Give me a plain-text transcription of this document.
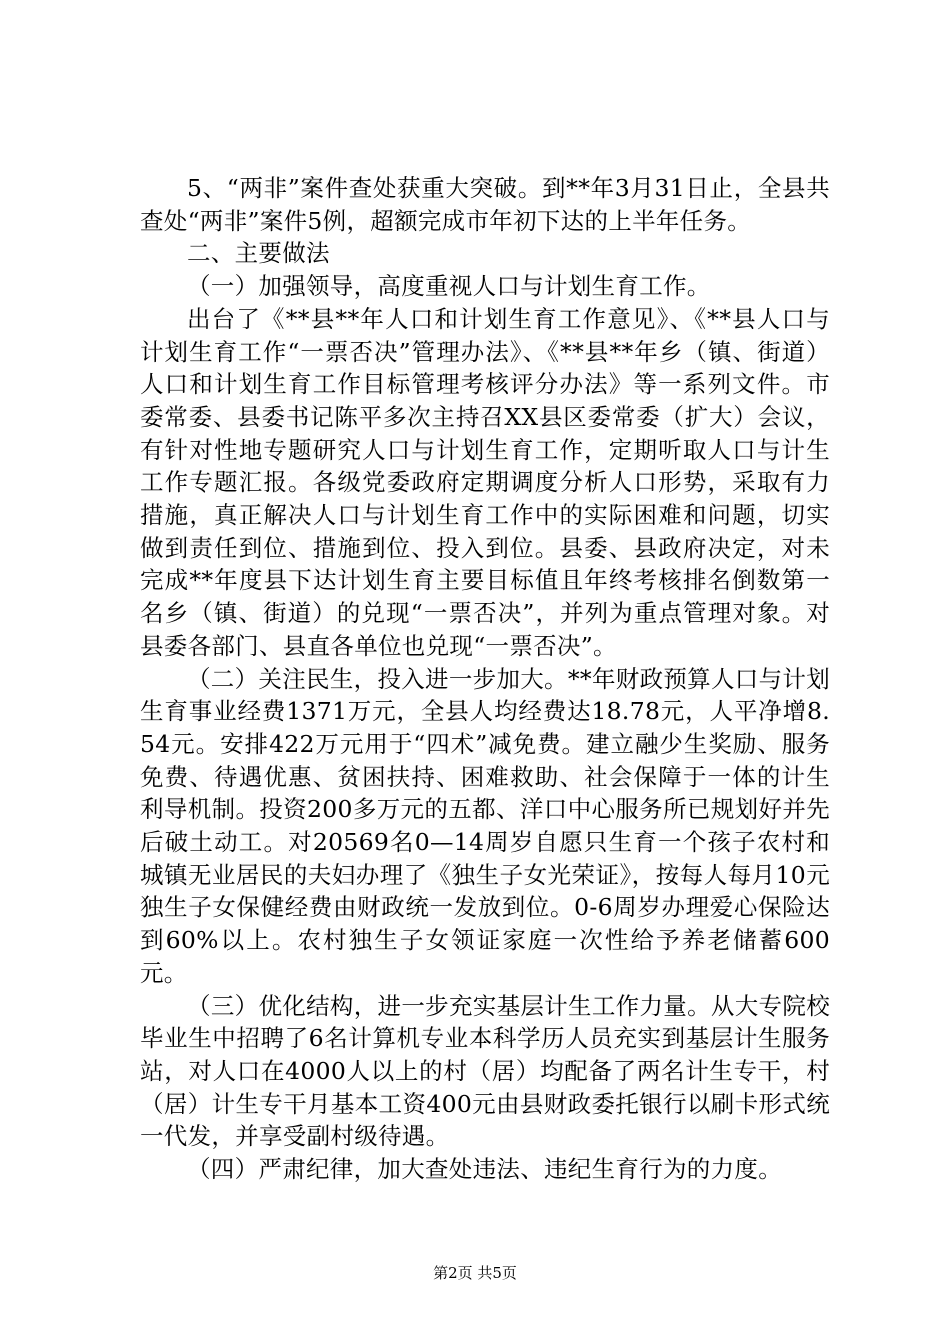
5、“两非”案件查处获重大突破。到**年3月31日止，全县共查处“两非”案件5例，超额完成市年初下达的上半年任务。

二、主要做法

（一）加强领导，高度重视人口与计划生育工作。

出台了《**县**年人口和计划生育工作意见》、《**县人口与计划生育工作“一票否决”管理办法》、《**县**年乡（镇、街道）人口和计划生育工作目标管理考核评分办法》等一系列文件。市委常委、县委书记陈平多次主持召XX县区委常委（扩大）会议，有针对性地专题研究人口与计划生育工作，定期听取人口与计生工作专题汇报。各级党委政府定期调度分析人口形势，采取有力措施，真正解决人口与计划生育工作中的实际困难和问题，切实做到责任到位、措施到位、投入到位。县委、县政府决定，对未完成**年度县下达计划生育主要目标值且年终考核排名倒数第一名乡（镇、街道）的兑现“一票否决”，并列为重点管理对象。对县委各部门、县直各单位也兑现“一票否决”。

（二）关注民生，投入进一步加大。**年财政预算人口与计划生育事业经费1371万元，全县人均经费达18.78元，人平净增8.54元。安排422万元用于“四术”减免费。建立融少生奖励、服务免费、待遇优惠、贫困扶持、困难救助、社会保障于一体的计生利导机制。投资200多万元的五都、洋口中心服务所已规划好并先后破土动工。对20569名0—14周岁自愿只生育一个孩子农村和城镇无业居民的夫妇办理了《独生子女光荣证》，按每人每月10元独生子女保健经费由财政统一发放到位。0-6周岁办理爱心保险达到60%以上。农村独生子女领证家庭一次性给予养老储蓄600元。

（三）优化结构，进一步充实基层计生工作力量。从大专院校毕业生中招聘了6名计算机专业本科学历人员充实到基层计生服务站，对人口在4000人以上的村（居）均配备了两名计生专干，村（居）计生专干月基本工资400元由县财政委托银行以刷卡形式统一代发，并享受副村级待遇。

（四）严肃纪律，加大查处违法、违纪生育行为的力度。

第2页 共5页
